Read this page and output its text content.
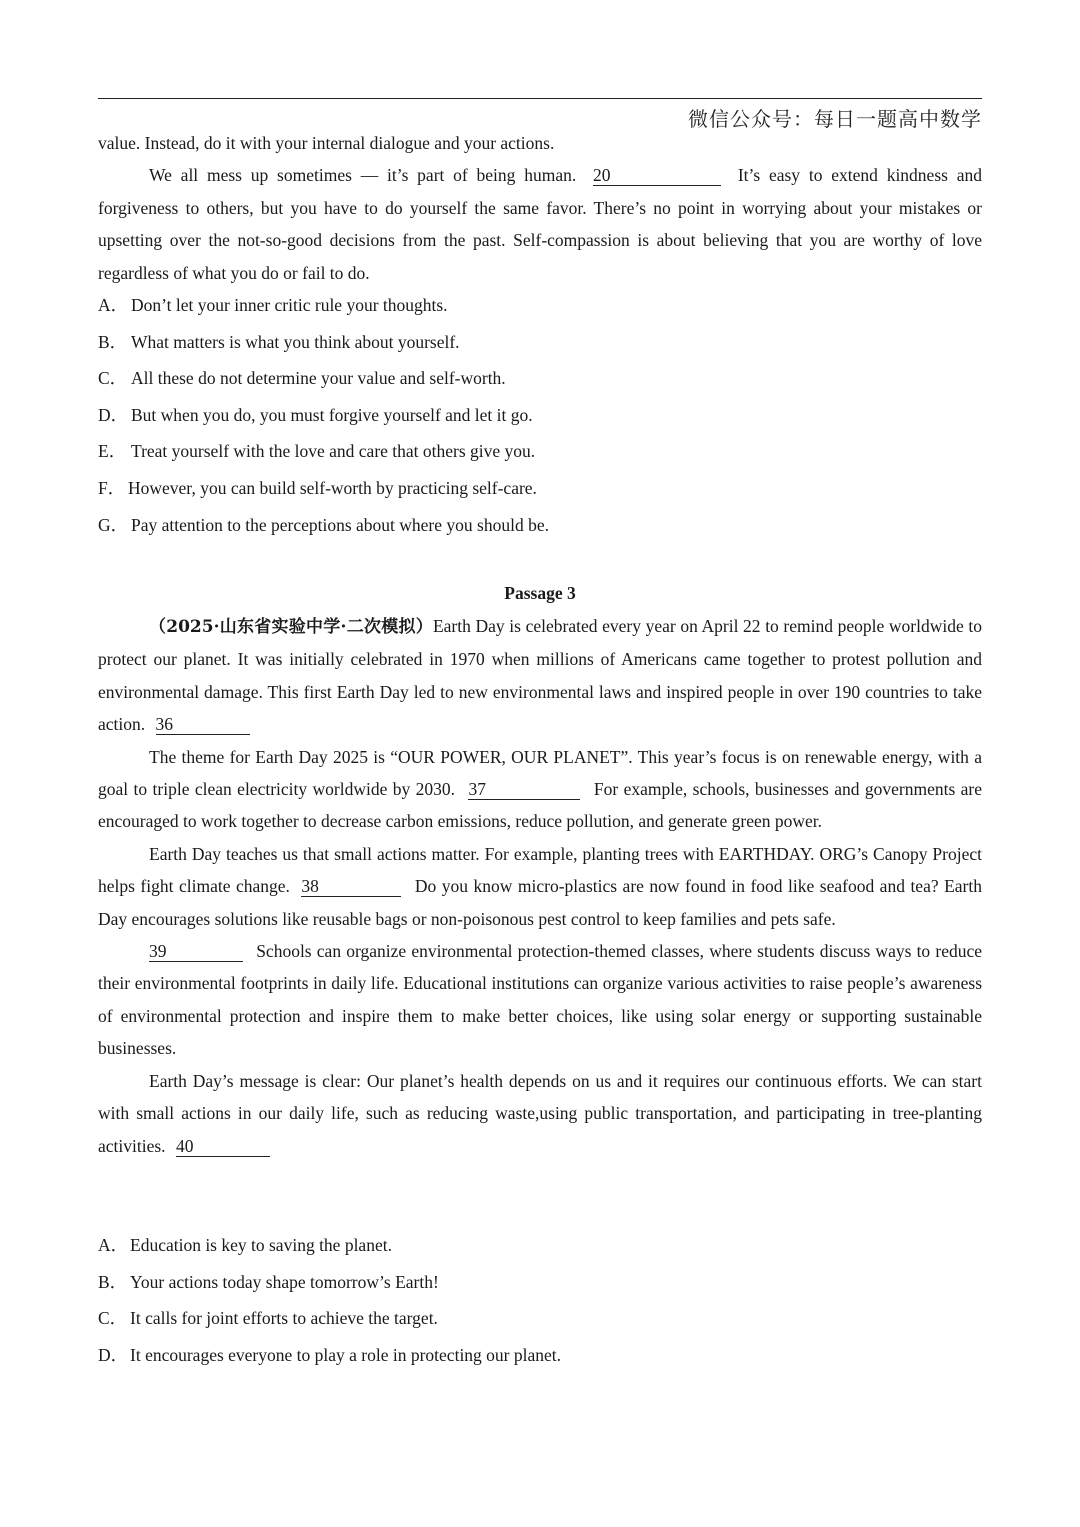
微信公众号：每日一题高中数学

value. Instead, do it with your internal dialogue and your actions.

We all mess up sometimes — it’s part of being human. 20	It’s easy to extend kindness and forgiveness to others, but you have to do yourself the same favor. There’s no point in worrying about your mistakes or upsetting over the not-so-good decisions from the past. Self-compassion is about believing that you are worthy of love regardless of what you do or fail to do.

A． Don’t let your inner critic rule your thoughts.

B． What matters is what you think about yourself.

C． All these do not determine your value and self-worth.

D． But when you do, you must forgive yourself and let it go.

E． Treat yourself with the love and care that others give you.

F． However, you can build self-worth by practicing self-care.

G． Pay attention to the perceptions about where you should be.

Passage 3

（2025·山东省实验中学·二次模拟）Earth Day is celebrated every year on April 22 to remind people worldwide to protect our planet. It was initially celebrated in 1970 when millions of Americans came together to protest pollution and environmental damage. This first Earth Day led to new environmental laws and inspired people in over 190 countries to take action. 36

The theme for Earth Day 2025 is “OUR POWER, OUR PLANET”. This year’s focus is on renewable energy, with a goal to triple clean electricity worldwide by 2030. 37	For example, schools, businesses and governments are encouraged to work together to decrease carbon emissions, reduce pollution, and generate green power.

Earth Day teaches us that small actions matter. For example, planting trees with EARTHDAY. ORG’s Canopy Project helps fight climate change. 38	Do you know micro-plastics are now found in food like seafood and tea? Earth Day encourages solutions like reusable bags or non-poisonous pest control to keep families and pets safe.

39	Schools can organize environmental protection-themed classes, where students discuss ways to reduce their environmental footprints in daily life. Educational institutions can organize various activities to raise people’s awareness of environmental protection and inspire them to make better choices, like using solar energy or supporting sustainable businesses.

Earth Day’s message is clear: Our planet’s health depends on us and it requires our continuous efforts. We can start with small actions in our daily life, such as reducing waste,using public transportation, and participating in tree-planting activities. 40

A． Education is key to saving the planet.

B． Your actions today shape tomorrow’s Earth!

C． It calls for joint efforts to achieve the target.

D． It encourages everyone to play a role in protecting our planet.
